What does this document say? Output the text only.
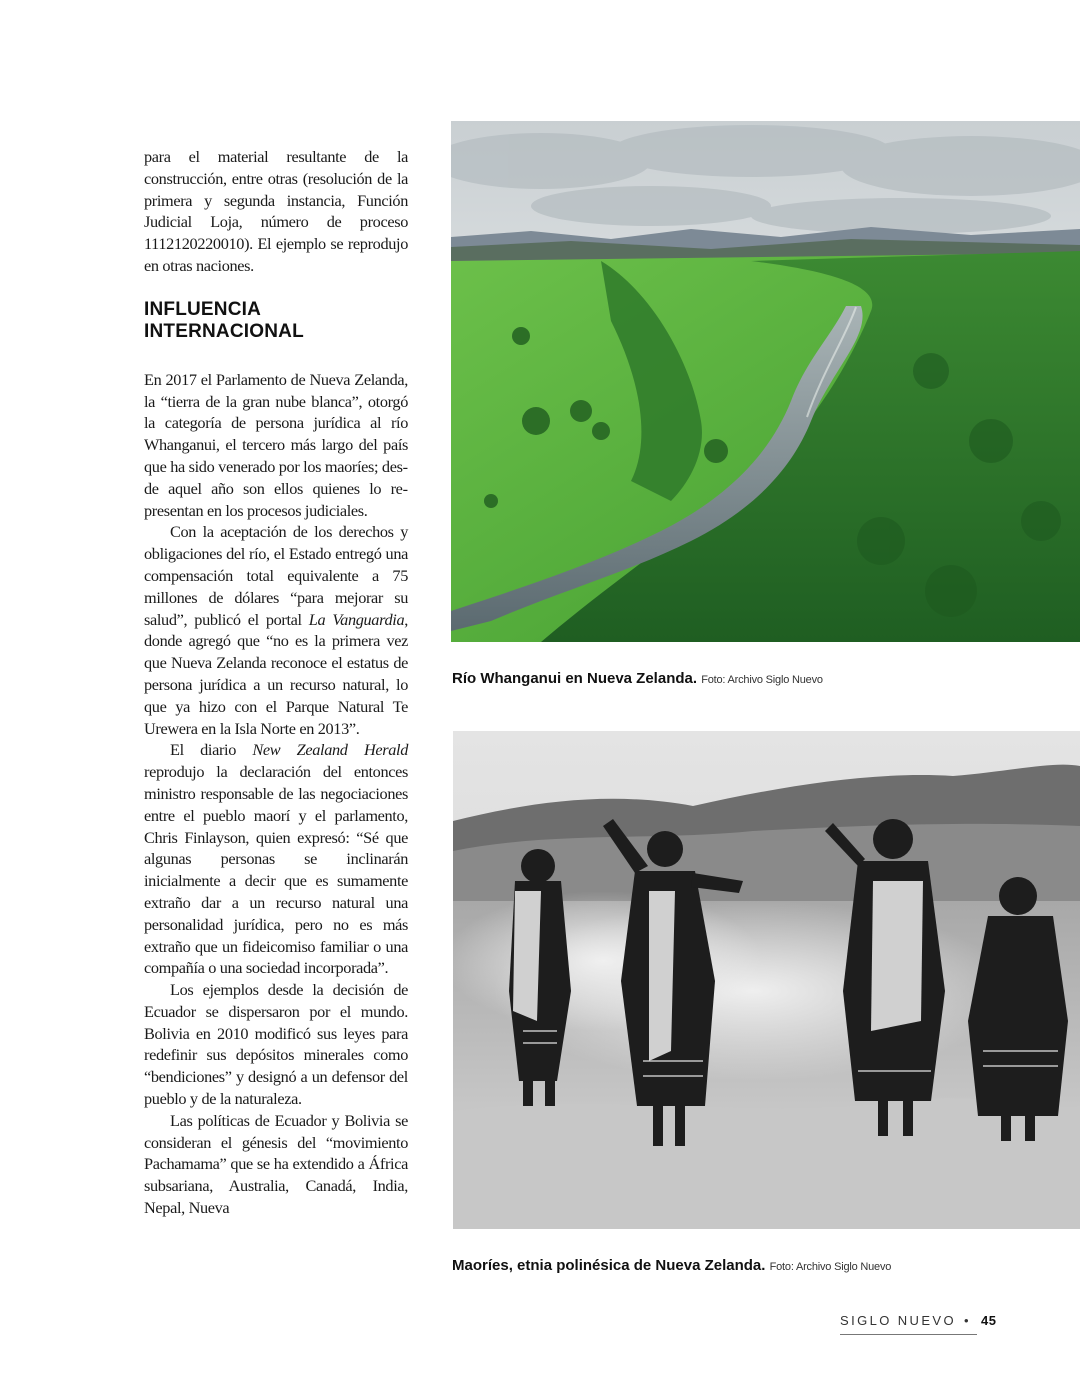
para el material resultante de la construcción, entre otras (resolución de la primera y segunda instancia, Función Judicial Loja, número de proceso 1112120220010). El ejemplo se reprodujo en otras naciones.

INFLUENCIA
INTERNACIONAL

En 2017 el Parlamento de Nueva Zelanda, la “tierra de la gran nube blanca”, otorgó la categoría de persona jurídica al río Whanganui, el tercero más largo del país que ha sido venerado por los maoríes; desde aquel año son ellos quienes lo representan en los procesos judiciales.

Con la aceptación de los derechos y obligaciones del río, el Estado entregó una compensación total equivalente a 75 millones de dólares “para mejorar su salud”, publicó el portal La Vanguardia, donde agregó que “no es la primera vez que Nueva Zelanda reconoce el estatus de persona jurídica a un recurso natural, lo que ya hizo con el Parque Natural Te Urewera en la Isla Norte en 2013”.

El diario New Zealand Herald reprodujo la declaración del entonces ministro responsable de las negociaciones entre el pueblo maorí y el parlamento, Chris Finlayson, quien expresó: “Sé que algunas personas se inclinarán inicialmente a decir que es sumamente extraño dar a un recurso natural una personalidad jurídica, pero no es más extraño que un fideicomiso familiar o una compañía o una sociedad incorporada”.

Los ejemplos desde la decisión de Ecuador se dispersaron por el mundo. Bolivia en 2010 modificó sus leyes para redefinir sus depósitos minerales como “bendiciones” y designó a un defensor del pueblo y de la naturaleza.

Las políticas de Ecuador y Bolivia se consideran el génesis del “movimiento Pachamama” que se ha extendido a África subsariana, Australia, Canadá, India, Nepal, Nueva

Río Whanganui en Nueva Zelanda. Foto: Archivo Siglo Nuevo
Maoríes, etnia polinésica de Nueva Zelanda. Foto: Archivo Siglo Nuevo
SIGLO NUEVO • 45
